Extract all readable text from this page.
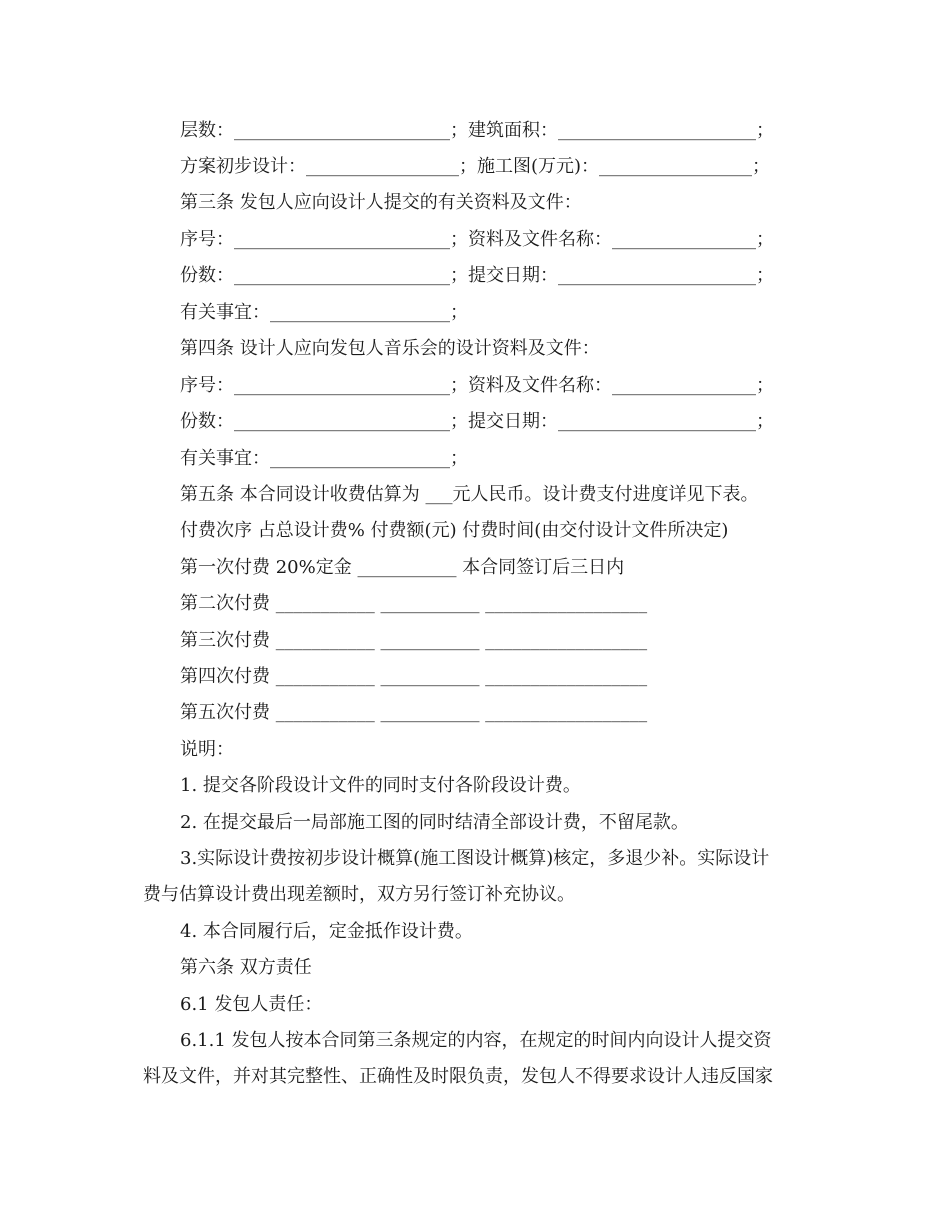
层数：________________________；建筑面积：______________________；
方案初步设计：_________________；施工图(万元)：_________________；
第三条 发包人应向设计人提交的有关资料及文件：
序号：________________________；资料及文件名称：________________；
份数：________________________；提交日期：______________________；
有关事宜：____________________；
第四条 设计人应向发包人音乐会的设计资料及文件：
序号：________________________；资料及文件名称：________________；
份数：________________________；提交日期：______________________；
有关事宜：____________________；
第五条 本合同设计收费估算为 ___元人民币。设计费支付进度详见下表。
付费次序 占总设计费% 付费额(元) 付费时间(由交付设计文件所决定)
第一次付费 20%定金 ___________ 本合同签订后三日内
第二次付费 ___________ ___________ __________________
第三次付费 ___________ ___________ __________________
第四次付费 ___________ ___________ __________________
第五次付费 ___________ ___________ __________________
说明：
1. 提交各阶段设计文件的同时支付各阶段设计费。
2. 在提交最后一局部施工图的同时结清全部设计费，不留尾款。
3.实际设计费按初步设计概算(施工图设计概算)核定，多退少补。实际设计
费与估算设计费出现差额时，双方另行签订补充协议。
4. 本合同履行后，定金抵作设计费。
第六条 双方责任
6.1 发包人责任：
6.1.1 发包人按本合同第三条规定的内容，在规定的时间内向设计人提交资
料及文件，并对其完整性、正确性及时限负责，发包人不得要求设计人违反国家
